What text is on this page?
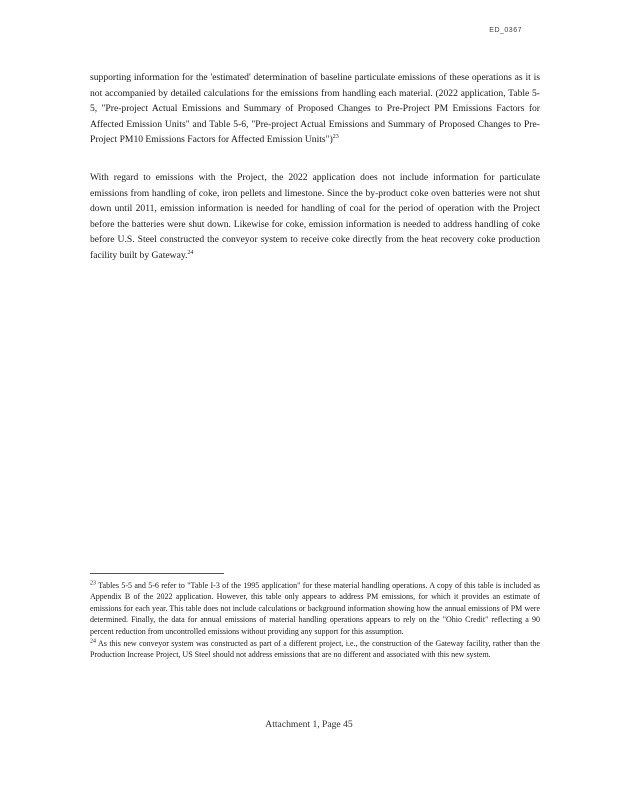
ED_0367

supporting information for the 'estimated' determination of baseline particulate emissions of these operations as it is not accompanied by detailed calculations for the emissions from handling each material. (2022 application, Table 5-5, "Pre-project Actual Emissions and Summary of Proposed Changes to Pre-Project PM Emissions Factors for Affected Emission Units" and Table 5-6, "Pre-project Actual Emissions and Summary of Proposed Changes to Pre-Project PM10 Emissions Factors for Affected Emission Units")$^{23}$

With regard to emissions with the Project, the 2022 application does not include information for particulate emissions from handling of coke, iron pellets and limestone. Since the by-product coke oven batteries were not shut down until 2011, emission information is needed for handling of coal for the period of operation with the Project before the batteries were shut down. Likewise for coke, emission information is needed to address handling of coke before U.S. Steel constructed the conveyor system to receive coke directly from the heat recovery coke production facility built by Gateway.$^{24}$

$^{23}$ Tables 5-5 and 5-6 refer to "Table I-3 of the 1995 application" for these material handling operations. A copy of this table is included as Appendix B of the 2022 application. However, this table only appears to address PM emissions, for which it provides an estimate of emissions for each year. This table does not include calculations or background information showing how the annual emissions of PM were determined. Finally, the data for annual emissions of material handling operations appears to rely on the "Ohio Credit" reflecting a 90 percent reduction from uncontrolled emissions without providing any support for this assumption.

$^{24}$ As this new conveyor system was constructed as part of a different project, i.e., the construction of the Gateway facility, rather than the Production Increase Project, US Steel should not address emissions that are no different and associated with this new system.

Attachment 1, Page 45
